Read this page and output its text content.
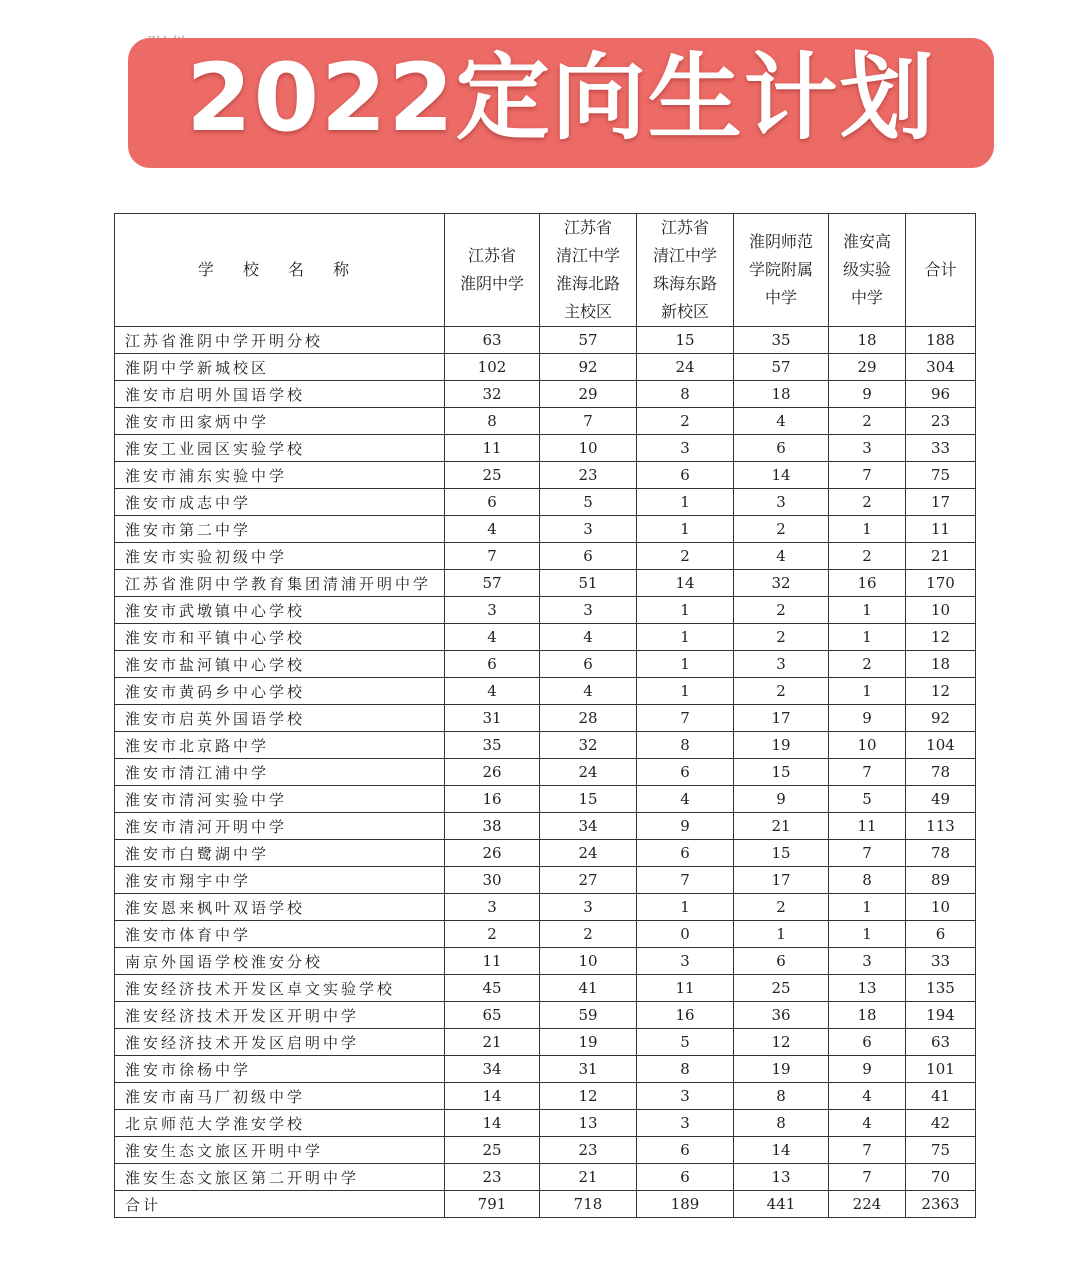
2022定向生计划
学 校 名 称	江苏省
淮阴中学	江苏省
清江中学
淮海北路
主校区	江苏省
清江中学
珠海东路
新校区	淮阴师范
学院附属
中学	淮安高
级实验
中学	合计
江苏省淮阴中学开明分校	63	57	15	35	18	188
淮阴中学新城校区	102	92	24	57	29	304
淮安市启明外国语学校	32	29	8	18	9	96
淮安市田家炳中学	8	7	2	4	2	23
淮安工业园区实验学校	11	10	3	6	3	33
淮安市浦东实验中学	25	23	6	14	7	75
淮安市成志中学	6	5	1	3	2	17
淮安市第二中学	4	3	1	2	1	11
淮安市实验初级中学	7	6	2	4	2	21
江苏省淮阴中学教育集团清浦开明中学	57	51	14	32	16	170
淮安市武墩镇中心学校	3	3	1	2	1	10
淮安市和平镇中心学校	4	4	1	2	1	12
淮安市盐河镇中心学校	6	6	1	3	2	18
淮安市黄码乡中心学校	4	4	1	2	1	12
淮安市启英外国语学校	31	28	7	17	9	92
淮安市北京路中学	35	32	8	19	10	104
淮安市清江浦中学	26	24	6	15	7	78
淮安市清河实验中学	16	15	4	9	5	49
淮安市清河开明中学	38	34	9	21	11	113
淮安市白鹭湖中学	26	24	6	15	7	78
淮安市翔宇中学	30	27	7	17	8	89
淮安恩来枫叶双语学校	3	3	1	2	1	10
淮安市体育中学	2	2	0	1	1	6
南京外国语学校淮安分校	11	10	3	6	3	33
淮安经济技术开发区卓文实验学校	45	41	11	25	13	135
淮安经济技术开发区开明中学	65	59	16	36	18	194
淮安经济技术开发区启明中学	21	19	5	12	6	63
淮安市徐杨中学	34	31	8	19	9	101
淮安市南马厂初级中学	14	12	3	8	4	41
北京师范大学淮安学校	14	13	3	8	4	42
淮安生态文旅区开明中学	25	23	6	14	7	75
淮安生态文旅区第二开明中学	23	21	6	13	7	70
合计	791	718	189	441	224	2363
